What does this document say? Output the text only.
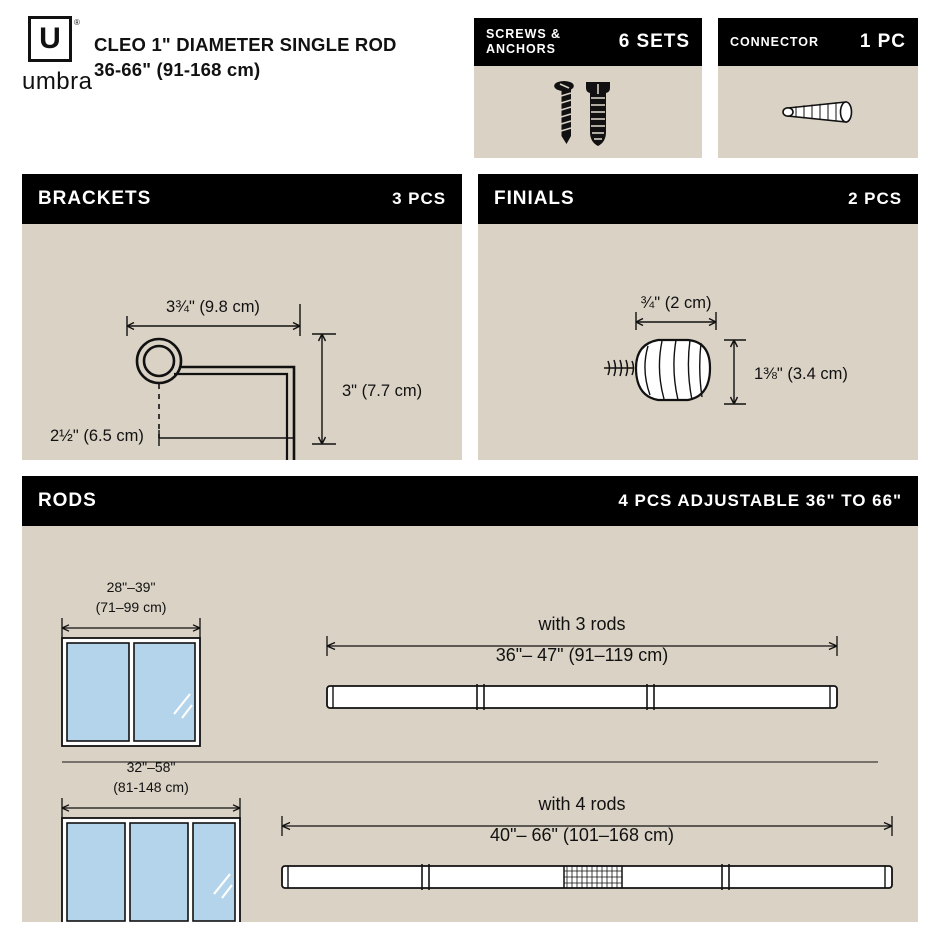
U ®
umbra
CLEO 1" DIAMETER SINGLE ROD
36-66" (91-168 cm)
SCREWS &
ANCHORS	6 SETS	CONNECTOR 1 PC
BRACKETS	3 PCS
3¾" (9.8 cm)
3" (7.7 cm)
2½" (6.5 cm)
FINIALS	2 PCS
¾" (2 cm)
1⅜" (3.4 cm)
RODS	4 PCS ADJUSTABLE 36" TO 66"
28"–39"
(71–99 cm)
with 3 rods
36"– 47" (91–119 cm)
32"–58"
(81-148 cm)
with 4 rods
40"– 66" (101–168 cm)
